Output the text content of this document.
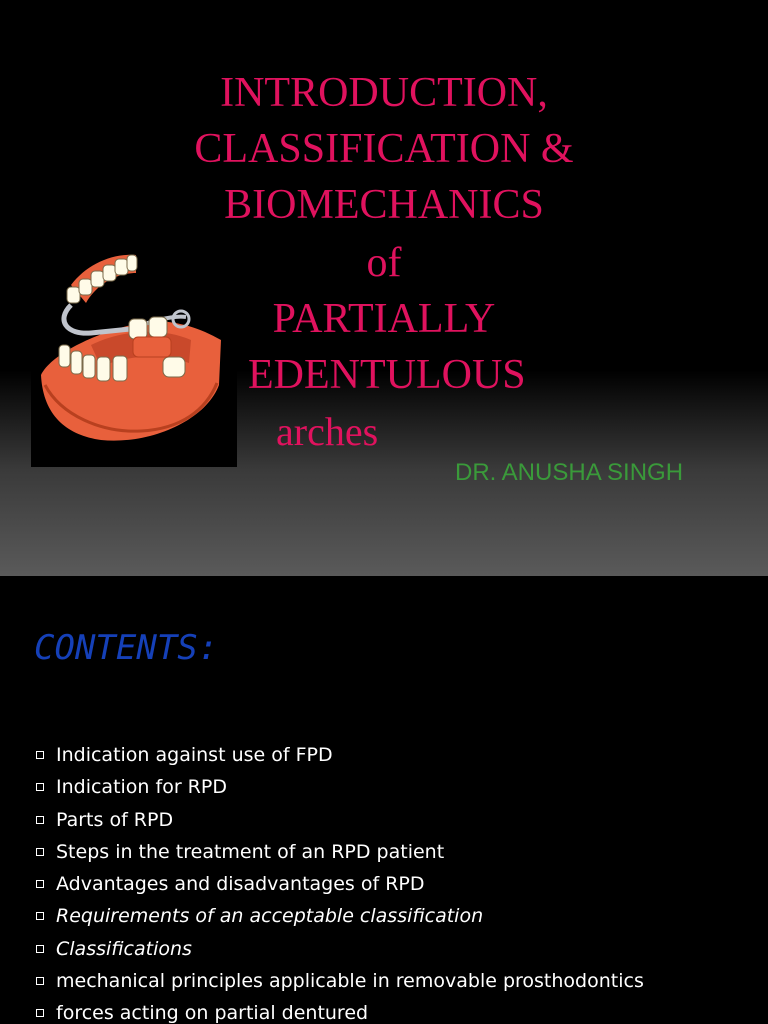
INTRODUCTION,
CLASSIFICATION &
BIOMECHANICS
of
PARTIALLY
EDENTULOUS
arches
DR. ANUSHA SINGH
CONTENTS:
Indication against use of FPD
Indication for RPD
Parts of RPD
Steps in the treatment of an RPD patient
Advantages and disadvantages of RPD
Requirements of an acceptable classification
Classifications
mechanical principles applicable in removable prosthodontics
forces acting on partial dentured
